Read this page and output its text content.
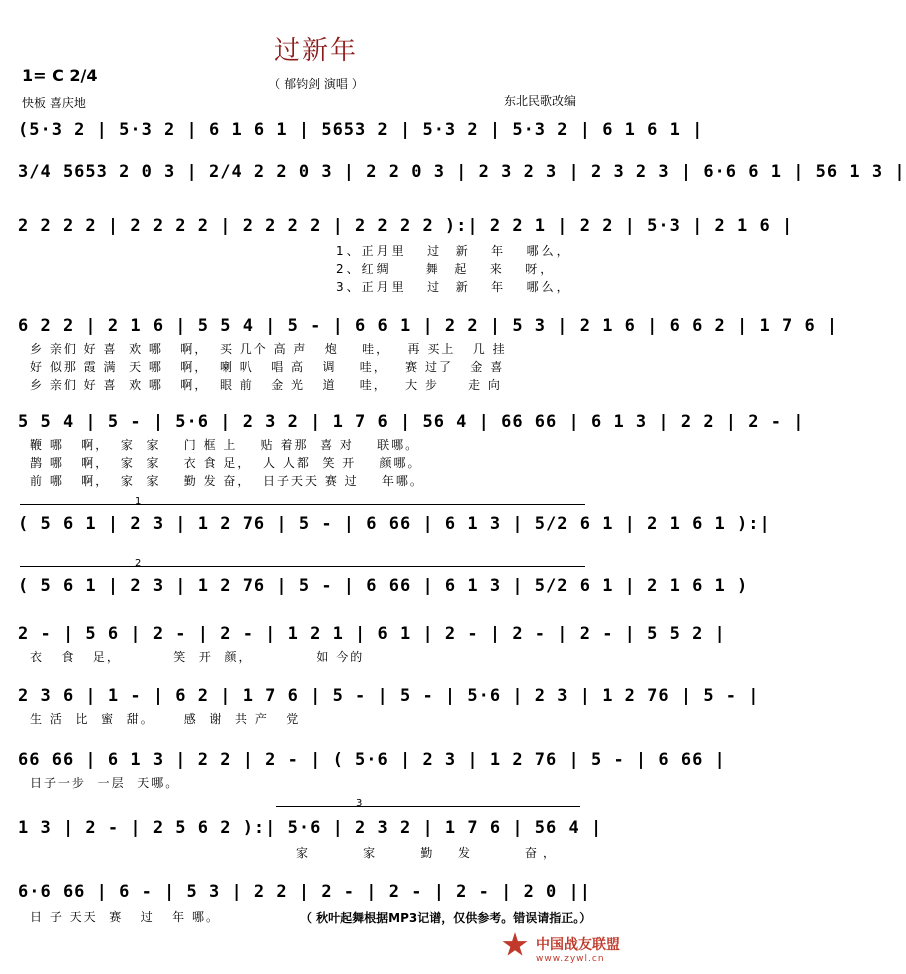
过新年
（ 郁钧剑 演唱 ）
1= C 2/4
快板 喜庆地	东北民歌改编
(5·3 2 | 5·3 2 | 6 1 6 1 | 5653 2 | 5·3 2 | 5·3 2 | 6 1 6 1 |
3/4 5653 2 0 3 | 2/4 2 2 0 3 | 2 2 0 3 | 2 3 2 3 | 2 3 2 3 | 6·6 6 1 | 56 1 3 |
2 2 2 2 | 2 2 2 2 | 2 2 2 2 | 2 2 2 2 ):| 2 2 1 | 2 2 | 5·3 | 2 1 6 |
1、正月里   过  新   年   哪么，
2、红绸     舞  起   来   呀，
3、正月里   过  新   年   哪么，
6 2 2 | 2 1 6 | 5 5 4 | 5 - | 6 6 1 | 2 2 | 5 3 | 2 1 6 | 6 6 2 | 1 7 6 |
乡 亲们 好 喜  欢 哪   啊，  买 几个 高 声   炮    哇，   再 买上   几 挂
好 似那 霞 满  天 哪   啊，  喇 叭   唱 高   调    哇，   赛 过了   金 喜
乡 亲们 好 喜  欢 哪   啊，  眼 前   金 光   道    哇，   大 步     走 向
5 5 4 | 5 - | 5·6 | 2 3 2 | 1 7 6 | 56 4 | 66 66 | 6 1 3 | 2 2 | 2 - |
鞭 哪   啊，  家  家    门 框 上    贴 着那  喜 对    联哪。
鹊 哪   啊，  家  家    衣 食 足，  人 人都  笑 开    颜哪。
前 哪   啊，  家  家    勤 发 奋，  日子天天 赛 过    年哪。
1
( 5 6 1 | 2 3 | 1 2 76 | 5 - | 6 66 | 6 1 3 | 5/2 6 1 | 2 1 6 1 ):|
2
( 5 6 1 | 2 3 | 1 2 76 | 5 - | 6 66 | 6 1 3 | 5/2 6 1 | 2 1 6 1 )
2 - | 5 6 | 2 - | 2 - | 1 2 1 | 6 1 | 2 - | 2 - | 2 - | 5 5 2 |
衣   食   足，         笑  开  颜，           如 今的
2 3 6 | 1 - | 6 2 | 1 7 6 | 5 - | 5 - | 5·6 | 2 3 | 1 2 76 | 5 - |
生 活  比  蜜  甜。     感  谢  共 产   党
66 66 | 6 1 3 | 2 2 | 2 - | ( 5·6 | 2 3 | 1 2 76 | 5 - | 6 66 |
日子一步  一层  天哪。
3
1 3 | 2 - | 2 5 6 2 ):| 5·6 | 2 3 2 | 1 7 6 | 56 4 |
家     家    勤  发     奋，
6·6 66 | 6 - | 5 3 | 2 2 | 2 - | 2 - | 2 - | 2 0 ||
日 子 天天  赛   过   年 哪。	（ 秋叶起舞根据MP3记谱，仅供参考。错误请指正。）
中国战友联盟
www.zywl.cn
